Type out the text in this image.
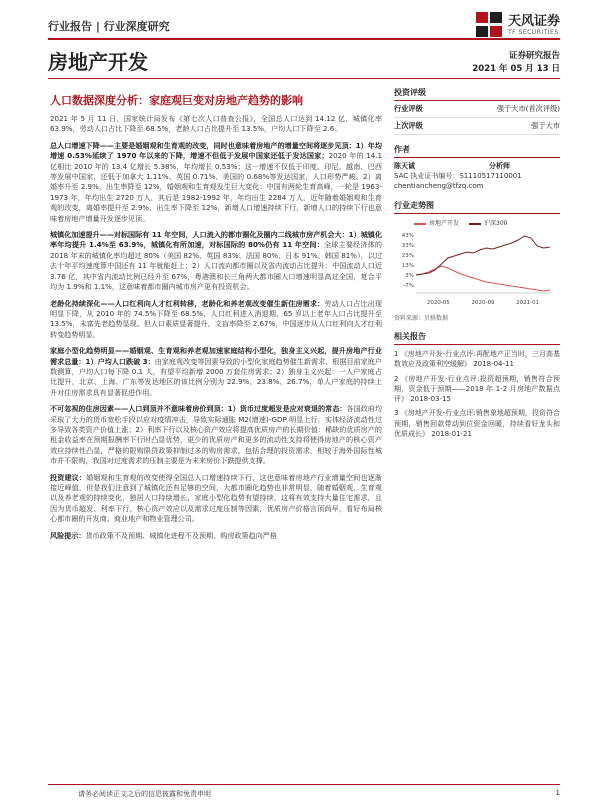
行业报告 | 行业深度研究	天风证券
TF SECURITIES
房地产开发	证券研究报告
2021 年 05 月 13 日
人口数据深度分析：家庭观巨变对房地产趋势的影响

2021 年 5 月 11 日，国家统计局发布《第七次人口普查公报》，全国总人口达到 14.12 亿，城镇化率 63.9%，劳动人口占比下降至 68.5%，老龄人口占比提升至 13.5%，户均人口下降至 2.6。

总人口增速下降——主要是婚姻观和生育观的改变，同时也意味着房地产的增量空间将逐步见顶：1）年均增速 0.53%延续了 1970 年以来的下降，增速不但低于发展中国家还低于发达国家；2020 年的 14.1 亿相比 2010 年的 13.4 亿增长 5.38%，年均增长 0.53%；这一增速不仅低于印度、印尼、越南、巴西等发展中国家，还低于加拿大 1.11%、英国 0.71%、美国的 0.68%等发达国家，人口形势严峻。2）离婚率升至 2.9%、出生率降至 12%，婚姻观和生育观发生巨大变化：中国有两轮生育高峰，一轮是 1963-1973 年，年均出生 2720 万人，其后是 1982-1992 年，年均出生 2284 万人，近年随着婚姻观和生育观的改变，离婚率提升至 2.9%、出生率下降至 12%，新增人口增速持续下行，新增人口的持续下行也意味着房地产增量开发逐步见顶。

城镇化加速提升——对标国际有 11 年空间，人口流入的都市圈化及圈内二线城市房产机会大：1）城镇化率年均提升 1.4%至 63.9%，城镇化有所加速，对标国际的 80%仍有 11 年空间：全球主要经济体的 2018 年末的城镇化率均超过 80%（美国 82%、英国 83%、法国 80%、日本 91%、韩国 81%），以过去十年平均速度算中国还有 11 年就能赶上；2）人口流向都市圈以及省内流动占比提升：中国流动人口近 3.76 亿，其中省内流动比例已经升至 67%，粤港澳和长三角两大都市圈人口增速明显高过全国，复合平均为 1.9%和 1.1%，这意味着都市圈内城市房产更有投资机会。

老龄化持续深化——人口红利向人才红利转移，老龄化和养老观改变催生新住房需求：劳动人口占比出现明显下降，从 2010 年的 74.5%下降至 68.5%，人口红利进入消退期，65 岁以上老年人口占比提升至 13.5%，未富先老趋势显现。但人口素质显著提升，文盲率降至 2.67%，中国逐步从人口红利向人才红利转变趋势明显。

家庭小型化趋势明显——婚姻观、生育观和养老观加速家庭结构小型化，独身主义兴起，提升房地产行业需求总量：1）户均人口跌破 3：由家庭观改变等因素导致的小型化家庭趋势催生新需求，根据目前家庭户数测算，户均人口每下降 0.1 人，有望平均新增 2000 万套住房需求；2）独身主义兴起：一人户家庭占比提升，北京、上海、广东等发达地区的该比例分别为 22.9%、23.8%、26.7%，单人户家庭的持续上升对住房需求具有显著促进作用。

不可忽视的住房因素——人口到顶并不意味着房价到顶：1）货币过度超发是应对衰退的常态：各国政府均采取了大力的货币宽松手段以应对疫情冲击，导致实际通胀 M2(增速)-GDP 明显上行，实体经济流动性过多导致各类资产价值上涨；2）利率下行以及核心资产效应将提高优质房产的长期价值：稀缺的优质房产的租金收益率在预期报酬率下行时凸显优势，更少的优质房产和更多的流动性支持将使得房地产的核心资产效应持续性凸显，严格的限购限贷政策抑制过多的购房需求，包括合理的投资需求，相较于海外国际性城市并不限购，我国对过度需求的压制主要是为未来房价下跌提供支撑。

投资建议：婚姻观和生育观的改变使得全国总人口增速持续下行，这也意味着房地产行业增量空间也逐渐接近峰值，但是我们注意到了城镇化还有足够的空间，大都市圈化趋势也非常明显，随着婚姻观、生育观以及养老观的持续变化，独居人口持续增长，家庭小型化趋势有望持续，这将有效支持大量住宅需求，且因为货币超发、利率下行、核心资产效应以及需求过度压制等因素，优质房产价格言顶尚早，看好布局核心都市圈的开发商、商业地产和物业管理公司。

风险提示：货币政策不及预期、城镇化进程不及预期、购房政策趋向严格

投资评级
行业评级	强于大市(首次评级)
上次评级	强于大市
作者
陈天诚	分析师
SAC 执业证书编号：S1110517110001
chentiancheng@tfzq.com
行业走势图
房地产开发	沪深300
43%
33%
23%
13%
3%
-7%
2020-05	2020-09	2021-01
资料来源：贝格数据
相关报告
1 《房地产开发-行业点评:再配地产正当时，三月高基数效应及政策利空缓解》 2018-04-11
2 《房地产开发-行业点评:投资超预期，销售符合预期，资金低于预期——2018 年 1-2 月房地产数据点评》 2018-03-15
3 《房地产开发-行业点评:销售象地超预期，投资符合预期，销售回款带动到位资金回暖，持续看好龙头和优质成长》 2018-01-21
请务必阅读正文之后的信息披露和免责申明	1
